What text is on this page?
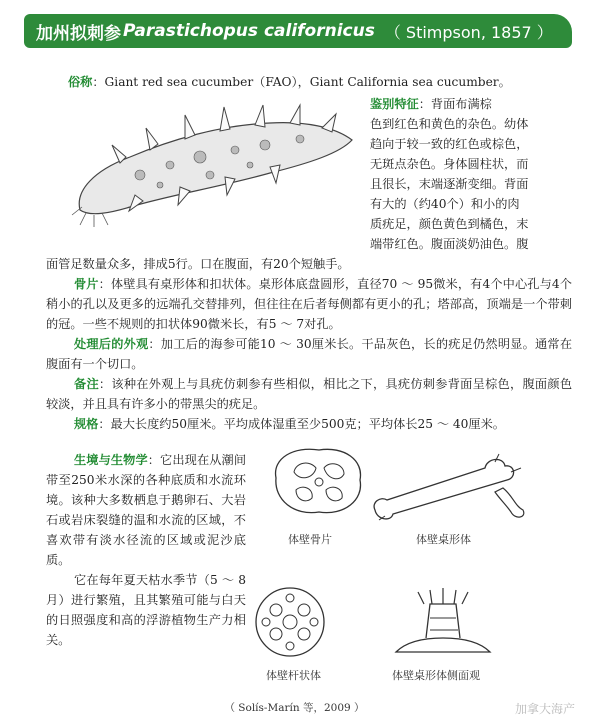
加州拟刺参 Parastichopus californicus （ Stimpson, 1857 ）
俗称：Giant red sea cucumber（FAO），Giant California sea cucumber。
鉴别特征：背面布满棕
色到红色和黄色的杂色。幼体
趋向于较一致的红色或棕色，
无斑点杂色。身体圆柱状，而
且很长，末端逐渐变细。背面
有大的（约40个）和小的肉
质疣足，颜色黄色到橘色，末
端带红色。腹面淡奶油色。腹
面管足数量众多，排成5行。口在腹面，有20个短触手。
骨片：体壁具有桌形体和扣状体。桌形体底盘圆形，直径70 ～ 95微米，有4个中心孔与4个稍小的孔以及更多的远端孔交替排列，但往往在后者每侧都有更小的孔；塔部高，顶端是一个带刺的冠。一些不规则的扣状体90微米长，有5 ～ 7对孔。
处理后的外观：加工后的海参可能10 ～ 30厘米长。干品灰色，长的疣足仍然明显。通常在腹面有一个切口。
备注：该种在外观上与具疣仿刺参有些相似，相比之下，具疣仿刺参背面呈棕色，腹面颜色较淡，并且具有许多小的带黑尖的疣足。
规格：最大长度约50厘米。平均成体湿重至少500克；平均体长25 ～ 40厘米。
生境与生物学：它出现在从潮间带至250米水深的各种底质和水流环境。该种大多数栖息于鹅卵石、大岩石或岩床裂缝的温和水流的区域，不喜欢带有淡水径流的区域或泥沙底质。
它在每年夏天枯水季节（5 ～ 8月）进行繁殖，且其繁殖可能与白天的日照强度和高的浮游植物生产力相关。
体壁骨片	体壁桌形体
体壁杆状体	体壁桌形体侧面观
（ Solís-Marín 等，2009 ）	加拿大海产
